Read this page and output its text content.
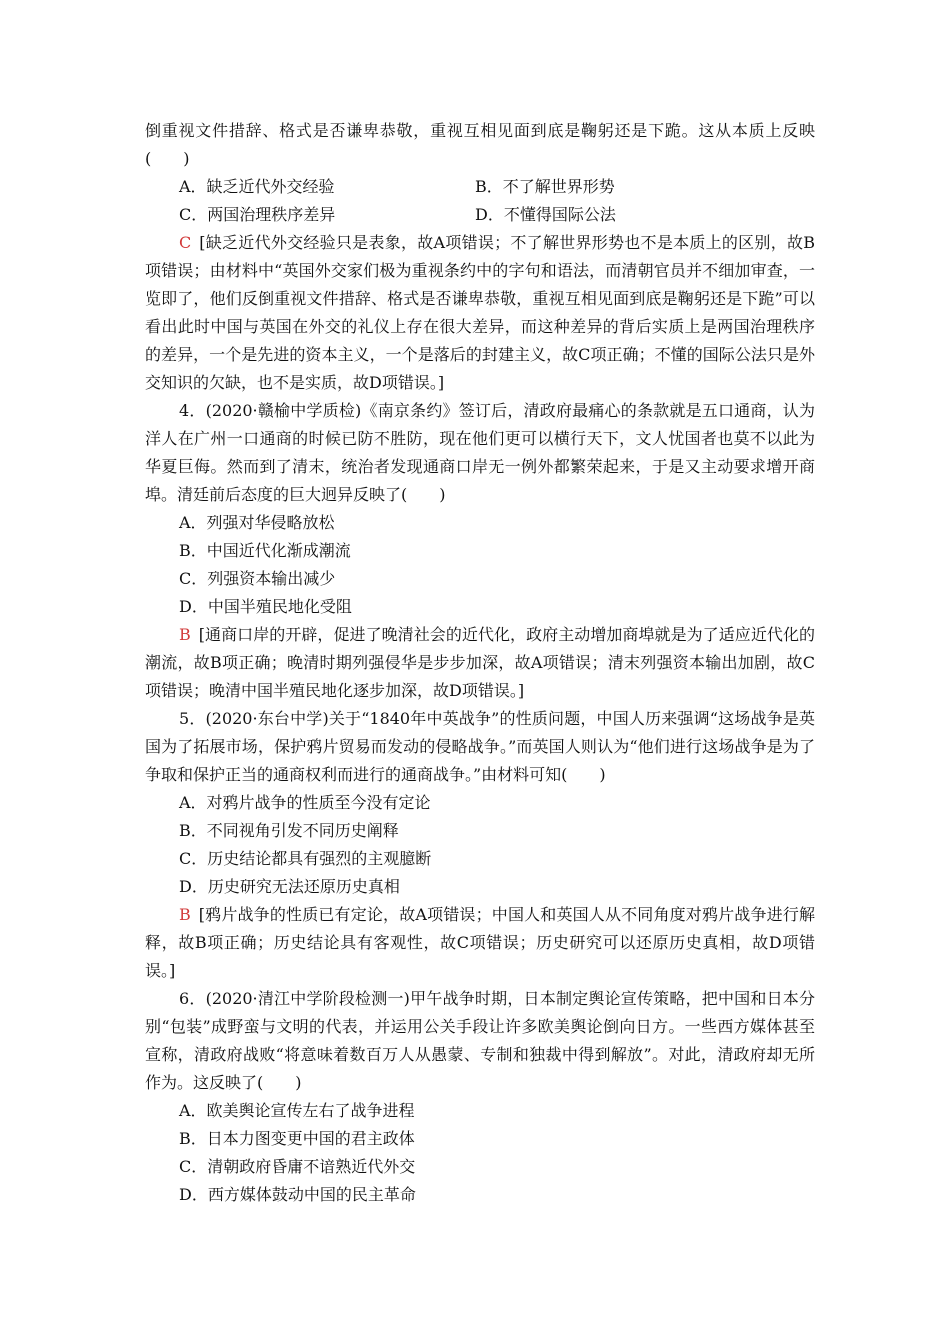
倒重视文件措辞、格式是否谦卑恭敬，重视互相见面到底是鞠躬还是下跪。这从本质上反映(　　)

A．缺乏近代外交经验	B．不了解世界形势
C．两国治理秩序差异	D．不懂得国际公法

C [缺乏近代外交经验只是表象，故A项错误；不了解世界形势也不是本质上的区别，故B项错误；由材料中“英国外交家们极为重视条约中的字句和语法，而清朝官员并不细加审查，一览即了，他们反倒重视文件措辞、格式是否谦卑恭敬，重视互相见面到底是鞠躬还是下跪”可以看出此时中国与英国在外交的礼仪上存在很大差异，而这种差异的背后实质上是两国治理秩序的差异，一个是先进的资本主义，一个是落后的封建主义，故C项正确；不懂的国际公法只是外交知识的欠缺，也不是实质，故D项错误。]

4．(2020·赣榆中学质检)《南京条约》签订后，清政府最痛心的条款就是五口通商，认为洋人在广州一口通商的时候已防不胜防，现在他们更可以横行天下，文人忧国者也莫不以此为华夏巨侮。然而到了清末，统治者发现通商口岸无一例外都繁荣起来，于是又主动要求增开商埠。清廷前后态度的巨大迥异反映了(　　)

A．列强对华侵略放松

B．中国近代化渐成潮流

C．列强资本输出减少

D．中国半殖民地化受阻

B [通商口岸的开辟，促进了晚清社会的近代化，政府主动增加商埠就是为了适应近代化的潮流，故B项正确；晚清时期列强侵华是步步加深，故A项错误；清末列强资本输出加剧，故C项错误；晚清中国半殖民地化逐步加深，故D项错误。]

5．(2020·东台中学)关于“1840年中英战争”的性质问题，中国人历来强调“这场战争是英国为了拓展市场，保护鸦片贸易而发动的侵略战争。”而英国人则认为“他们进行这场战争是为了争取和保护正当的通商权利而进行的通商战争。”由材料可知(　　)

A．对鸦片战争的性质至今没有定论

B．不同视角引发不同历史阐释

C．历史结论都具有强烈的主观臆断

D．历史研究无法还原历史真相

B [鸦片战争的性质已有定论，故A项错误；中国人和英国人从不同角度对鸦片战争进行解释，故B项正确；历史结论具有客观性，故C项错误；历史研究可以还原历史真相，故D项错误。]

6．(2020·清江中学阶段检测一)甲午战争时期，日本制定舆论宣传策略，把中国和日本分别“包装”成野蛮与文明的代表，并运用公关手段让许多欧美舆论倒向日方。一些西方媒体甚至宣称，清政府战败“将意味着数百万人从愚蒙、专制和独裁中得到解放”。对此，清政府却无所作为。这反映了(　　)

A．欧美舆论宣传左右了战争进程

B．日本力图变更中国的君主政体

C．清朝政府昏庸不谙熟近代外交

D．西方媒体鼓动中国的民主革命
